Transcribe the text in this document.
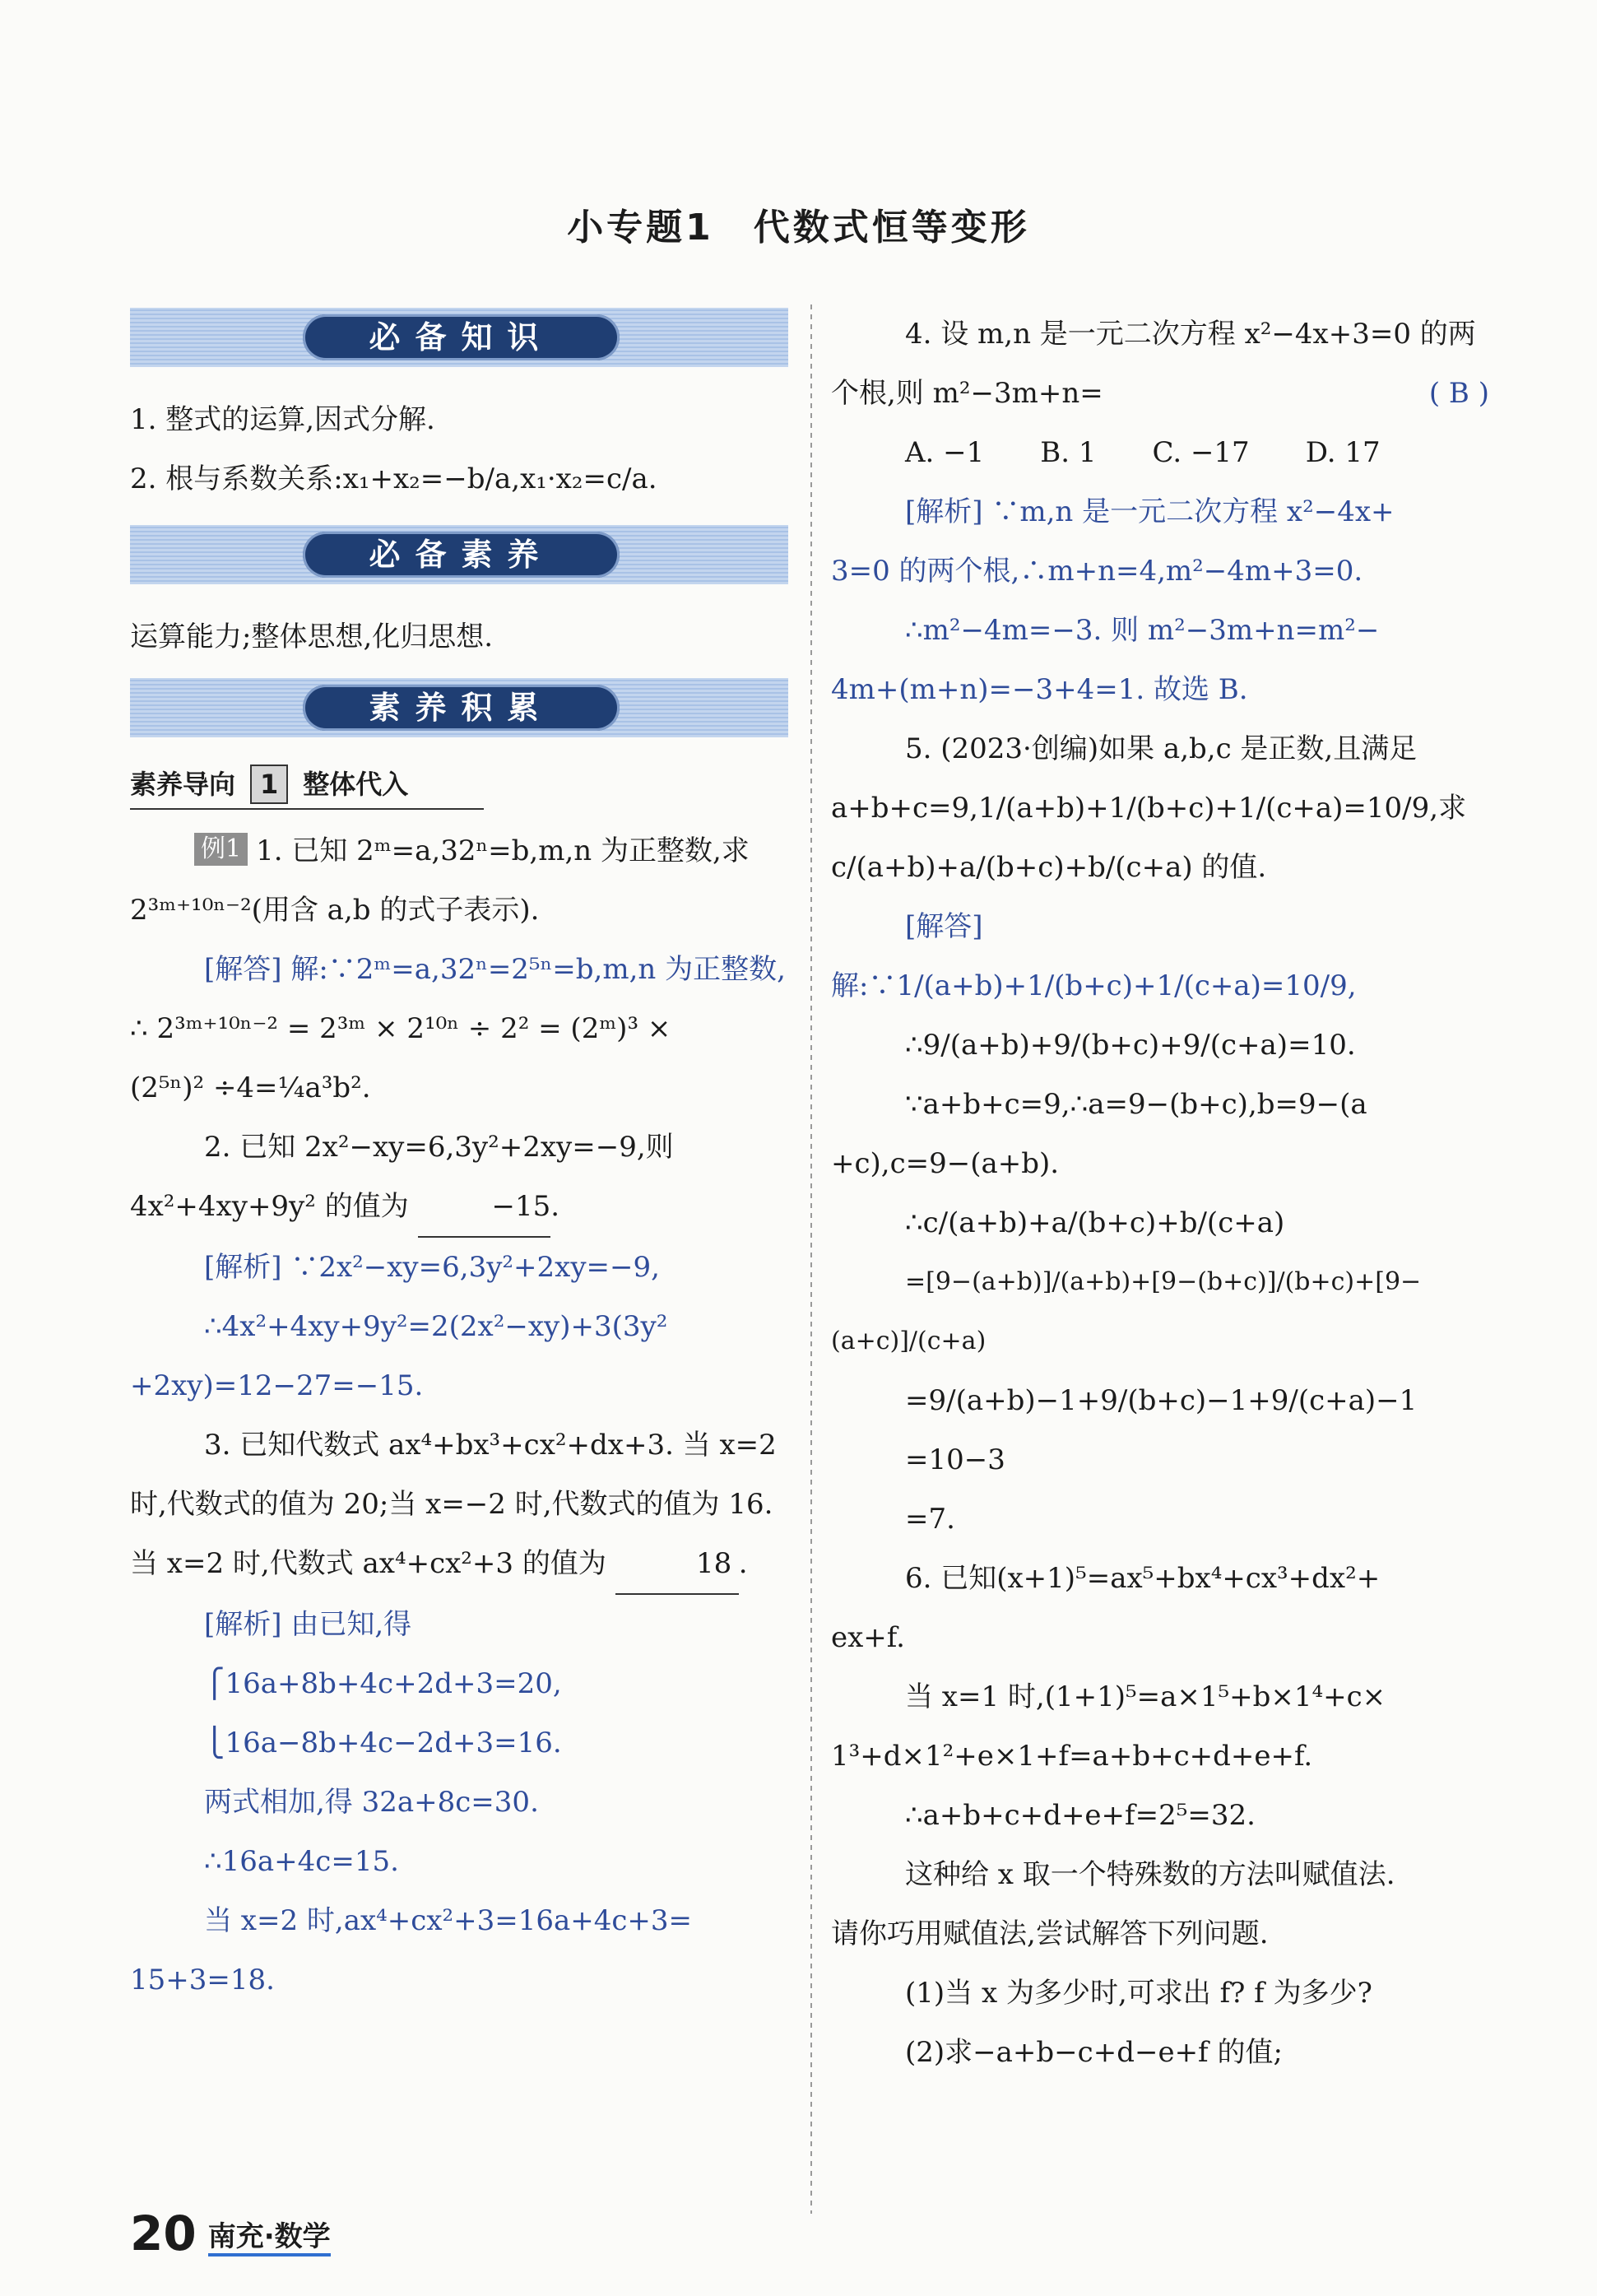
小专题1　代数式恒等变形
必备知识

1. 整式的运算,因式分解.

2. 根与系数关系:x₁+x₂=−b/a,x₁·x₂=c/a.

必备素养

运算能力;整体思想,化归思想.

素养积累
素养导向 1 整体代入

例1 1. 已知 2ᵐ=a,32ⁿ=b,m,n 为正整数,求 2³ᵐ⁺¹⁰ⁿ⁻²(用含 a,b 的式子表示).

[解答] 解:∵2ᵐ=a,32ⁿ=2⁵ⁿ=b,m,n 为正整数,

∴ 2³ᵐ⁺¹⁰ⁿ⁻² = 2³ᵐ × 2¹⁰ⁿ ÷ 2² = (2ᵐ)³ ×

(2⁵ⁿ)² ÷4=¼a³b².

2. 已知 2x²−xy=6,3y²+2xy=−9,则 4x²+4xy+9y² 的值为	−15.

[解析] ∵2x²−xy=6,3y²+2xy=−9,

∴4x²+4xy+9y²=2(2x²−xy)+3(3y²

+2xy)=12−27=−15.

3. 已知代数式 ax⁴+bx³+cx²+dx+3. 当 x=2 时,代数式的值为 20;当 x=−2 时,代数式的值为 16. 当 x=2 时,代数式 ax⁴+cx²+3 的值为	18 .

[解析] 由已知,得

⎧16a+8b+4c+2d+3=20,

⎩16a−8b+4c−2d+3=16.

两式相加,得 32a+8c=30.

∴16a+4c=15.

当 x=2 时,ax⁴+cx²+3=16a+4c+3=

15+3=18.

4. 设 m,n 是一元二次方程 x²−4x+3=0 的两个根,则 m²−3m+n=	( B )

A. −1　　B. 1　　C. −17　　D. 17

[解析] ∵m,n 是一元二次方程 x²−4x+

3=0 的两个根,∴m+n=4,m²−4m+3=0.

∴m²−4m=−3. 则 m²−3m+n=m²−

4m+(m+n)=−3+4=1. 故选 B.

5. (2023·创编)如果 a,b,c 是正数,且满足 a+b+c=9,1/(a+b)+1/(b+c)+1/(c+a)=10/9,求 c/(a+b)+a/(b+c)+b/(c+a) 的值.

[解答] 解:∵1/(a+b)+1/(b+c)+1/(c+a)=10/9,

∴9/(a+b)+9/(b+c)+9/(c+a)=10.

∵a+b+c=9,∴a=9−(b+c),b=9−(a

+c),c=9−(a+b).

∴c/(a+b)+a/(b+c)+b/(c+a)

=[9−(a+b)]/(a+b)+[9−(b+c)]/(b+c)+[9−(a+c)]/(c+a)

=9/(a+b)−1+9/(b+c)−1+9/(c+a)−1

=10−3

=7.

6. 已知(x+1)⁵=ax⁵+bx⁴+cx³+dx²+

ex+f.

当 x=1 时,(1+1)⁵=a×1⁵+b×1⁴+c×

1³+d×1²+e×1+f=a+b+c+d+e+f.

∴a+b+c+d+e+f=2⁵=32.

这种给 x 取一个特殊数的方法叫赋值法.

请你巧用赋值法,尝试解答下列问题.

(1)当 x 为多少时,可求出 f? f 为多少?

(2)求−a+b−c+d−e+f 的值;

20 南充·数学
